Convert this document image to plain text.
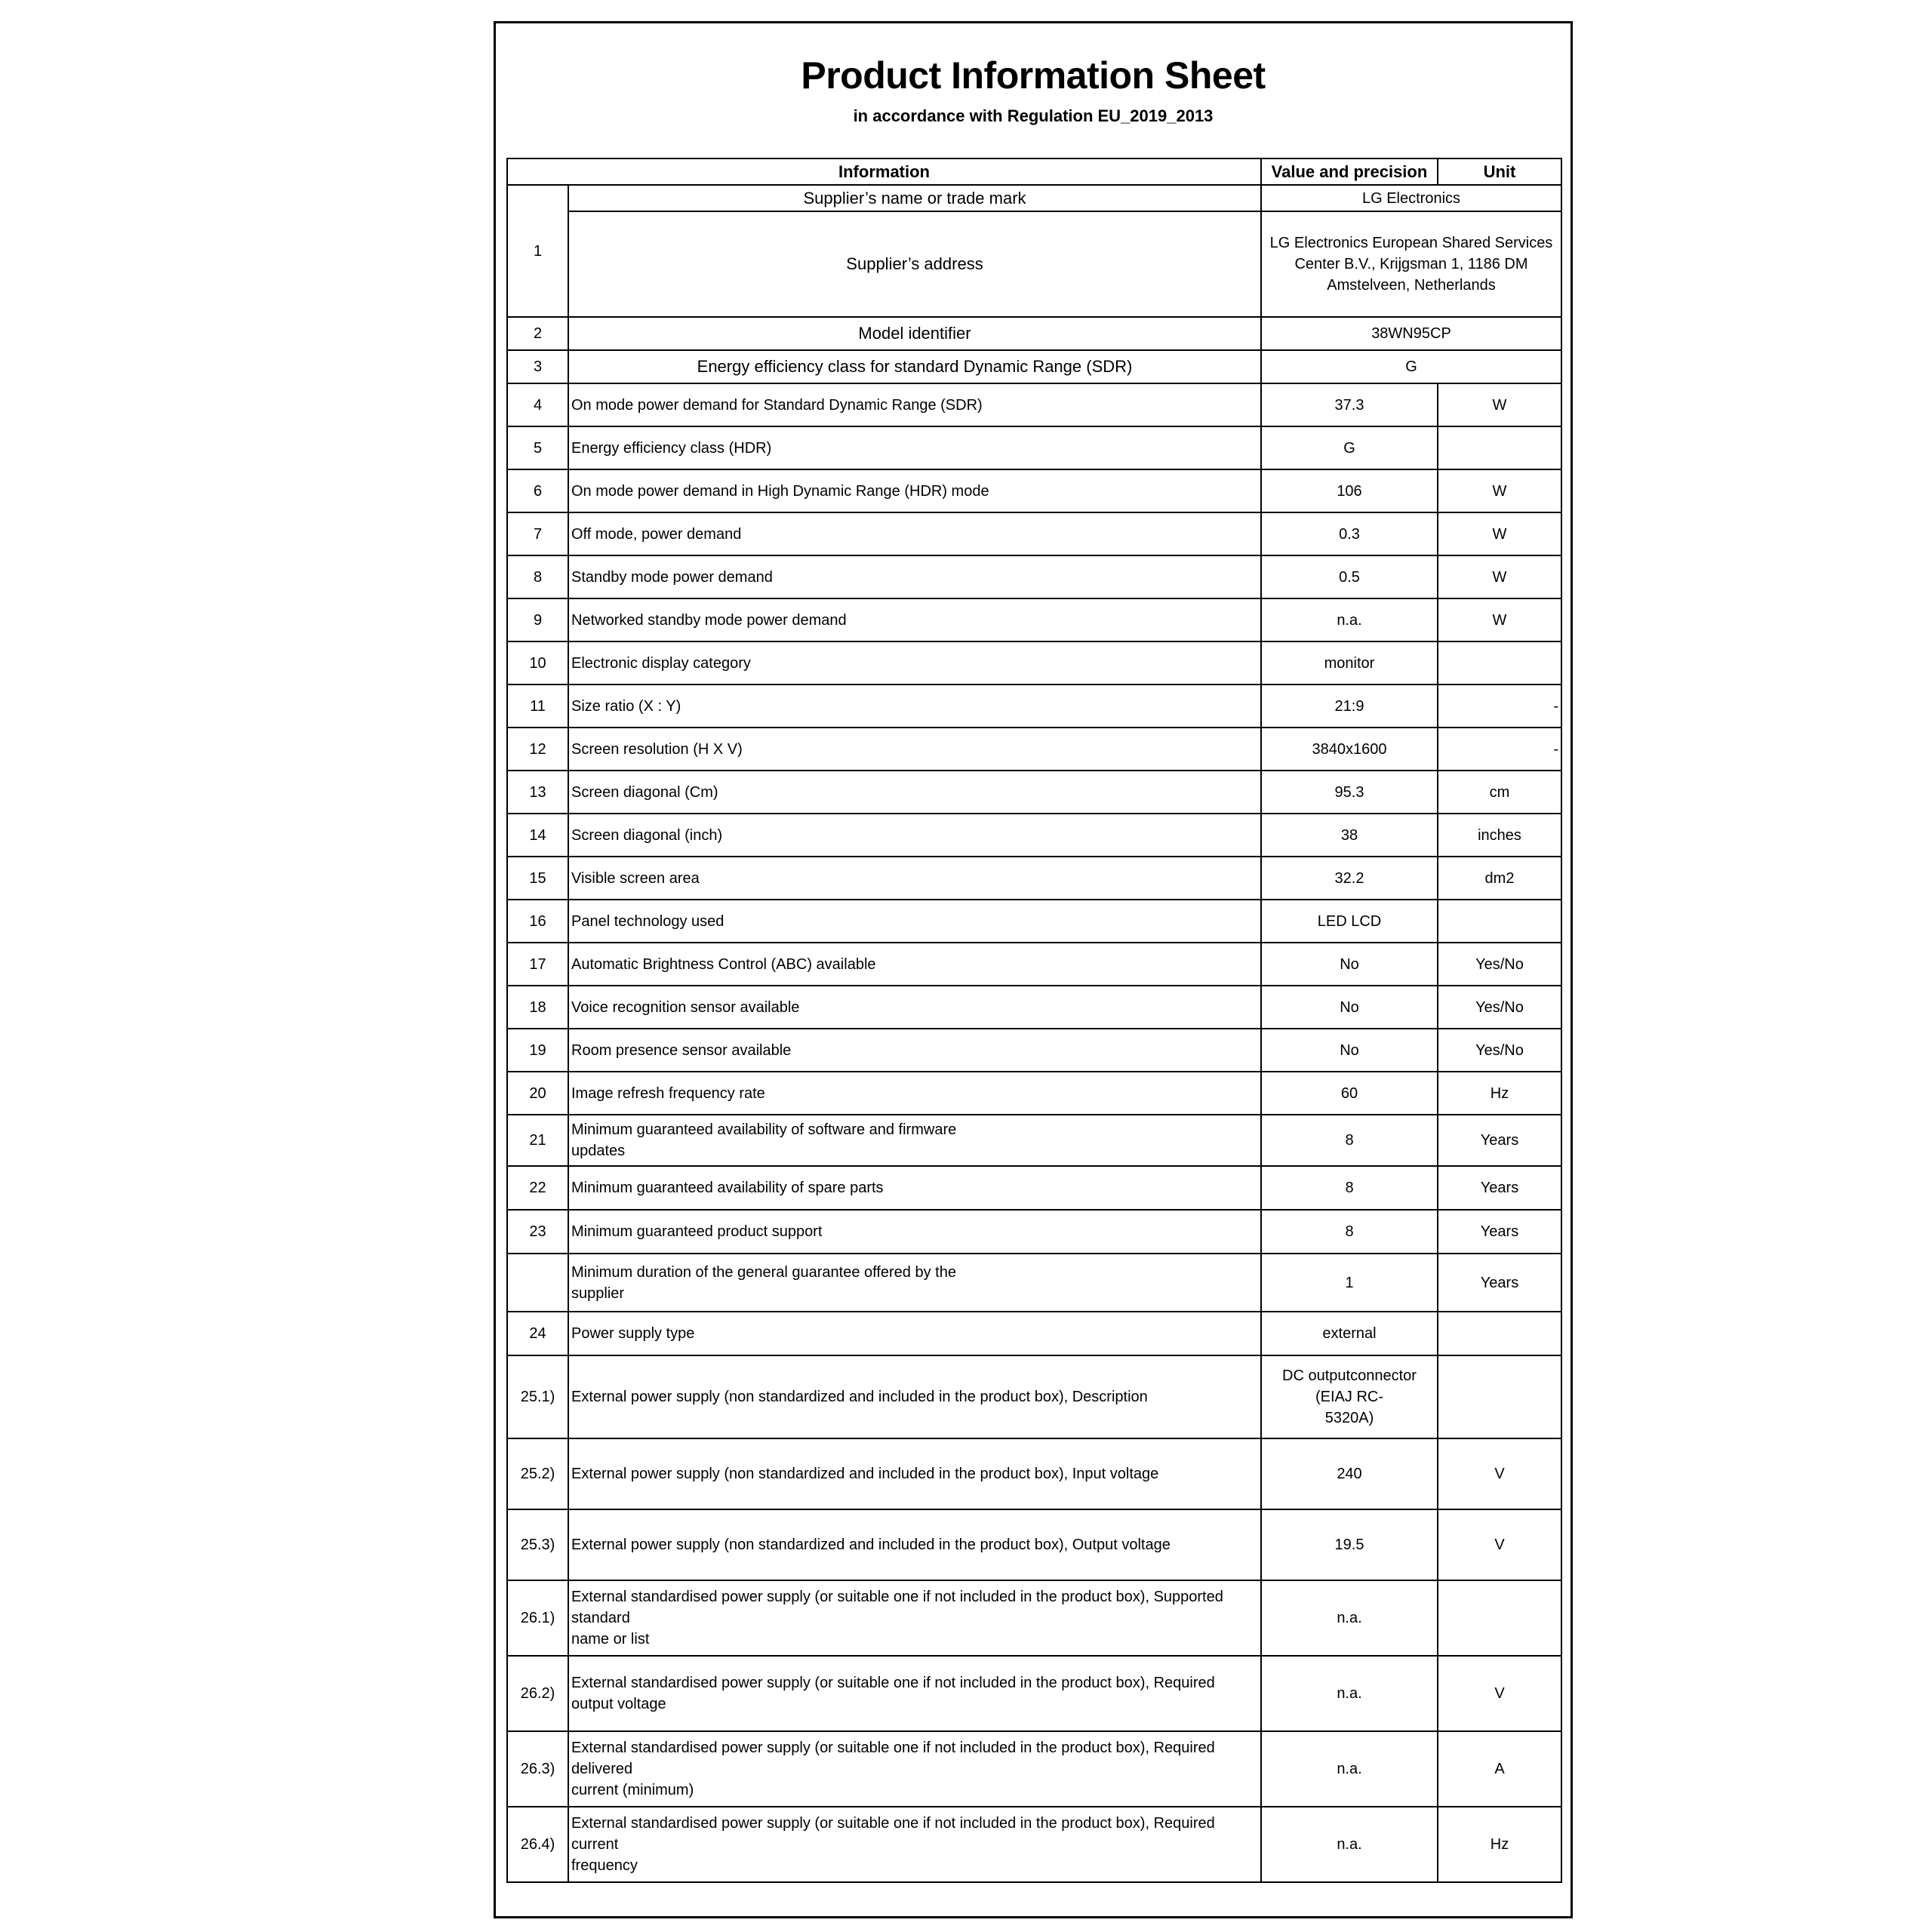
Product Information Sheet
in accordance with Regulation EU_2019_2013
Information		Value and precision	Unit
1	Supplier’s name or trade mark	LG Electronics	
	Supplier’s address	LG Electronics European Shared Services
Center B.V., Krijgsman 1, 1186 DM
Amstelveen, Netherlands	

2	Model identifier	38WN95CP	
3	Energy efficiency class for standard Dynamic Range (SDR)	G	
4	On mode power demand for Standard Dynamic Range (SDR)	37.3	W
5	Energy efficiency class (HDR)	G	
6	On mode power demand in High Dynamic Range (HDR) mode	106	W
7	Off mode, power demand	0.3	W
8	Standby mode power demand	0.5	W
9	Networked standby mode power demand	n.a.	W
10	Electronic display category	monitor	
11	Size ratio (X : Y)	21:9	-
12	Screen resolution (H X V)	3840x1600	-
13	Screen diagonal (Cm)	95.3	cm
14	Screen diagonal (inch)	38	inches
15	Visible screen area	32.2	dm2
16	Panel technology used	LED LCD	
17	Automatic Brightness Control (ABC) available	No	Yes/No
18	Voice recognition sensor available	No	Yes/No
19	Room presence sensor available	No	Yes/No
20	Image refresh frequency rate	60	Hz
21	Minimum guaranteed availability of software and firmware
updates	8	Years
22	Minimum guaranteed availability of spare parts	8	Years
23	Minimum guaranteed product support	8	Years

	Minimum duration of the general guarantee offered by the
supplier	1	Years
24	Power supply type	external	
25.1)	External power supply (non standardized and included in the product box), Description	DC outputconnector (EIAJ RC-
5320A)	

25.2)	External power supply (non standardized and included in the product box), Input voltage	240	V
25.3)	External power supply (non standardized and included in the product box), Output voltage	19.5	V
26.1)	External standardised power supply (or suitable one if not included in the product box), Supported standard
name or list	n.a.	
26.2)	External standardised power supply (or suitable one if not included in the product box), Required output voltage	n.a.	V
26.3)	External standardised power supply (or suitable one if not included in the product box), Required delivered
current (minimum)	n.a.	A
26.4)	External standardised power supply (or suitable one if not included in the product box), Required current
frequency	n.a.	Hz
